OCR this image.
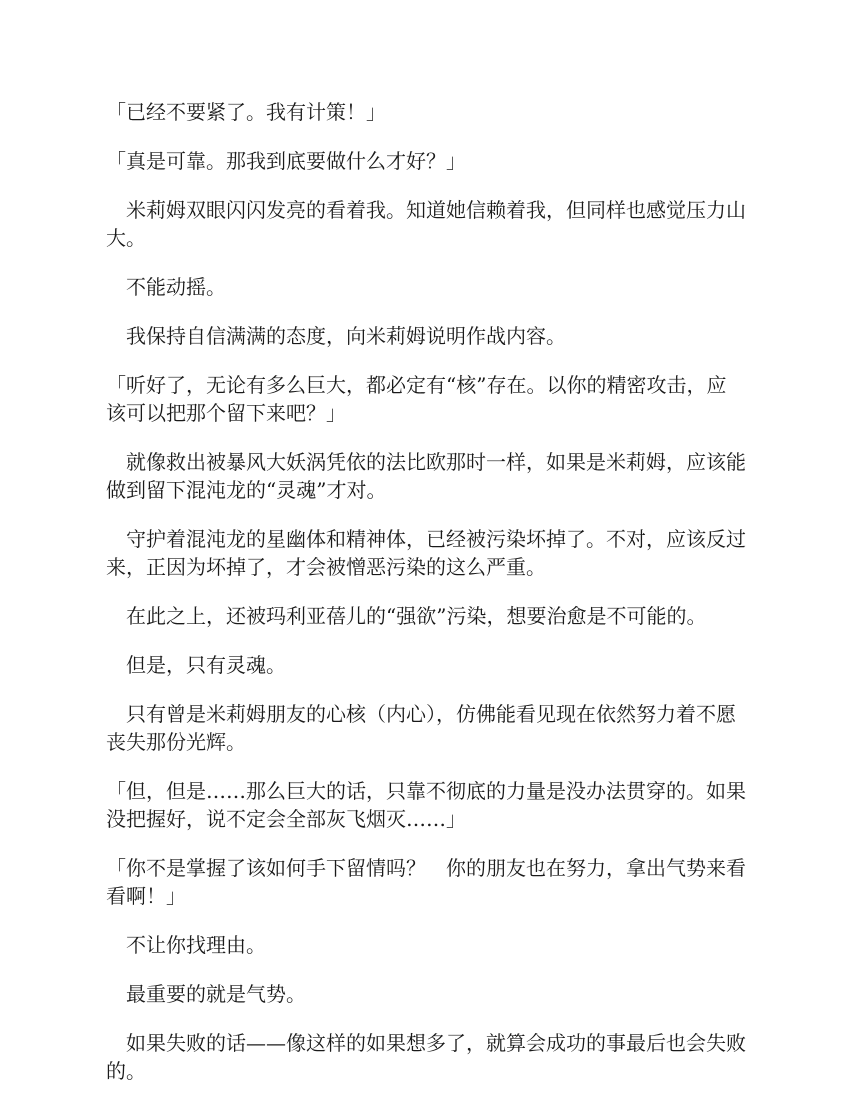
「已经不要紧了。我有计策！」

「真是可靠。那我到底要做什么才好？」

　米莉姆双眼闪闪发亮的看着我。知道她信赖着我，但同样也感觉压力山大。

　不能动摇。

　我保持自信满满的态度，向米莉姆说明作战内容。

「听好了，无论有多么巨大，都必定有“核”存在。以你的精密攻击，应该可以把那个留下来吧？」

　就像救出被暴风大妖涡凭依的法比欧那时一样，如果是米莉姆，应该能做到留下混沌龙的“灵魂”才对。

　守护着混沌龙的星幽体和精神体，已经被污染坏掉了。不对，应该反过来，正因为坏掉了，才会被憎恶污染的这么严重。

　在此之上，还被玛利亚蓓儿的“强欲”污染，想要治愈是不可能的。

　但是，只有灵魂。

　只有曾是米莉姆朋友的心核（内心），仿佛能看见现在依然努力着不愿丧失那份光辉。

「但，但是……那么巨大的话，只靠不彻底的力量是没办法贯穿的。如果没把握好，说不定会全部灰飞烟灭……」

「你不是掌握了该如何手下留情吗？　你的朋友也在努力，拿出气势来看看啊！」

　不让你找理由。

　最重要的就是气势。

　如果失败的话——像这样的如果想多了，就算会成功的事最后也会失败的。
